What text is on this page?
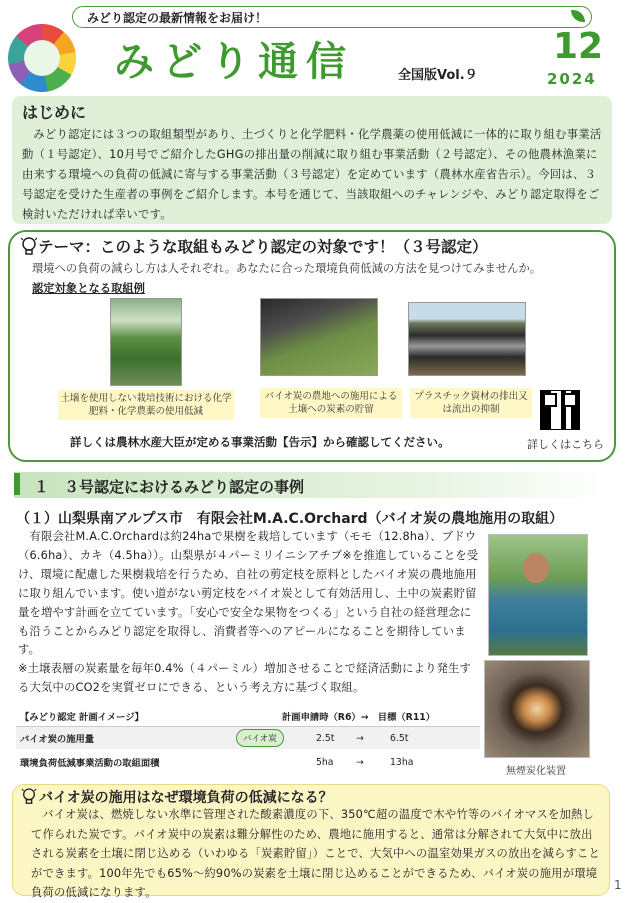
みどり認定の最新情報をお届け！
みどり通信	全国版Vol.９
12
2024
はじめに
みどり認定には３つの取組類型があり、土づくりと化学肥料・化学農薬の使用低減に一体的に取り組む事業活動（１号認定）、10月号でご紹介したGHGの排出量の削減に取り組む事業活動（２号認定）、その他農林漁業に由来する環境への負荷の低減に寄与する事業活動（３号認定）を定めています（農林水産省告示）。今回は、３号認定を受けた生産者の事例をご紹介します。本号を通じて、当該取組へのチャレンジや、みどり認定取得をご検討いただければ幸いです。
テーマ：このような取組もみどり認定の対象です！（３号認定）
環境への負荷の減らし方は人それぞれ。あなたに合った環境負荷低減の方法を見つけてみませんか。
認定対象となる取組例
土壌を使用しない栽培技術における化学肥料・化学農薬の使用低減
バイオ炭の農地への施用による土壌への炭素の貯留
プラスチック資材の排出又は流出の抑制
詳しくは農林水産大臣が定める事業活動【告示】から確認してください。	詳しくはこちら
１　３号認定におけるみどり認定の事例
（１）山梨県南アルプス市　有限会社M.A.C.Orchard（バイオ炭の農地施用の取組）
　有限会社M.A.C.Orchardは約24haで果樹を栽培しています（モモ（12.8ha）、ブドウ（6.6ha）、カキ（4.5ha））。山梨県が４パーミリイニシアチブ※を推進していることを受け、環境に配慮した果樹栽培を行うため、自社の剪定枝を原料としたバイオ炭の農地施用に取り組んでいます。使い道がない剪定枝をバイオ炭として有効活用し、土中の炭素貯留量を増やす計画を立てています。「安心で安全な果物をつくる」という自社の経営理念にも沿うことからみどり認定を取得し、消費者等へのアピールになることを期待しています。
※土壌表層の炭素量を毎年0.4%（４パーミル）増加させることで経済活動により発生する大気中のCO2を実質ゼロにできる、という考え方に基づく取組。
無煙炭化装置
【みどり認定 計画イメージ】	計画申請時（R6）→　目標（R11）
バイオ炭の施用量	バイオ炭	2.5t →	6.5t
環境負荷低減事業活動の取組面積	5ha →	13ha
バイオ炭の施用はなぜ環境負荷の低減になる？
バイオ炭は、燃焼しない水準に管理された酸素濃度の下、350℃超の温度で木や竹等のバイオマスを加熱して作られた炭です。バイオ炭中の炭素は難分解性のため、農地に施用すると、通常は分解されて大気中に放出される炭素を土壌に閉じ込める（いわゆる「炭素貯留」）ことで、大気中への温室効果ガスの放出を減らすことができます。100年先でも65%～約90%の炭素を土壌に閉じ込めることができるため、バイオ炭の施用が環境負荷の低減になります。
1
